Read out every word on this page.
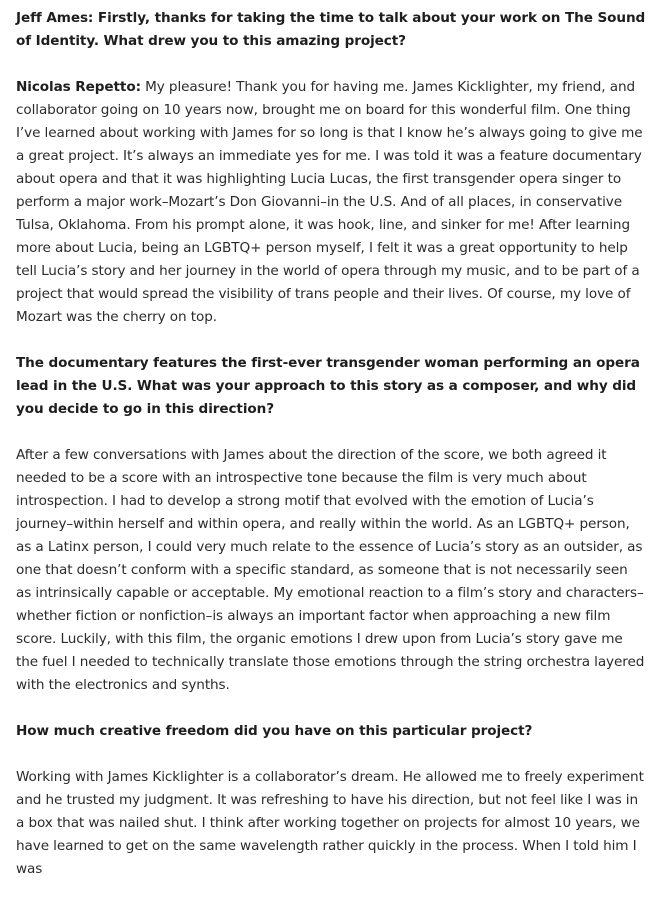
Jeff Ames: Firstly, thanks for taking the time to talk about your work on The Sound of Identity. What drew you to this amazing project?

Nicolas Repetto: My pleasure! Thank you for having me. James Kicklighter, my friend, and collaborator going on 10 years now, brought me on board for this wonderful film. One thing I’ve learned about working with James for so long is that I know he’s always going to give me a great project. It’s always an immediate yes for me. I was told it was a feature documentary about opera and that it was highlighting Lucia Lucas, the first transgender opera singer to perform a major work–Mozart’s Don Giovanni–in the U.S. And of all places, in conservative Tulsa, Oklahoma. From his prompt alone, it was hook, line, and sinker for me! After learning more about Lucia, being an LGBTQ+ person myself, I felt it was a great opportunity to help tell Lucia’s story and her journey in the world of opera through my music, and to be part of a project that would spread the visibility of trans people and their lives. Of course, my love of Mozart was the cherry on top.

The documentary features the first-ever transgender woman performing an opera lead in the U.S. What was your approach to this story as a composer, and why did you decide to go in this direction?

After a few conversations with James about the direction of the score, we both agreed it needed to be a score with an introspective tone because the film is very much about introspection. I had to develop a strong motif that evolved with the emotion of Lucia’s journey–within herself and within opera, and really within the world. As an LGBTQ+ person, as a Latinx person, I could very much relate to the essence of Lucia’s story as an outsider, as one that doesn’t conform with a specific standard, as someone that is not necessarily seen as intrinsically capable or acceptable. My emotional reaction to a film’s story and characters–whether fiction or nonfiction–is always an important factor when approaching a new film score. Luckily, with this film, the organic emotions I drew upon from Lucia’s story gave me the fuel I needed to technically translate those emotions through the string orchestra layered with the electronics and synths.

How much creative freedom did you have on this particular project?

Working with James Kicklighter is a collaborator’s dream. He allowed me to freely experiment and he trusted my judgment. It was refreshing to have his direction, but not feel like I was in a box that was nailed shut. I think after working together on projects for almost 10 years, we have learned to get on the same wavelength rather quickly in the process. When I told him I was
